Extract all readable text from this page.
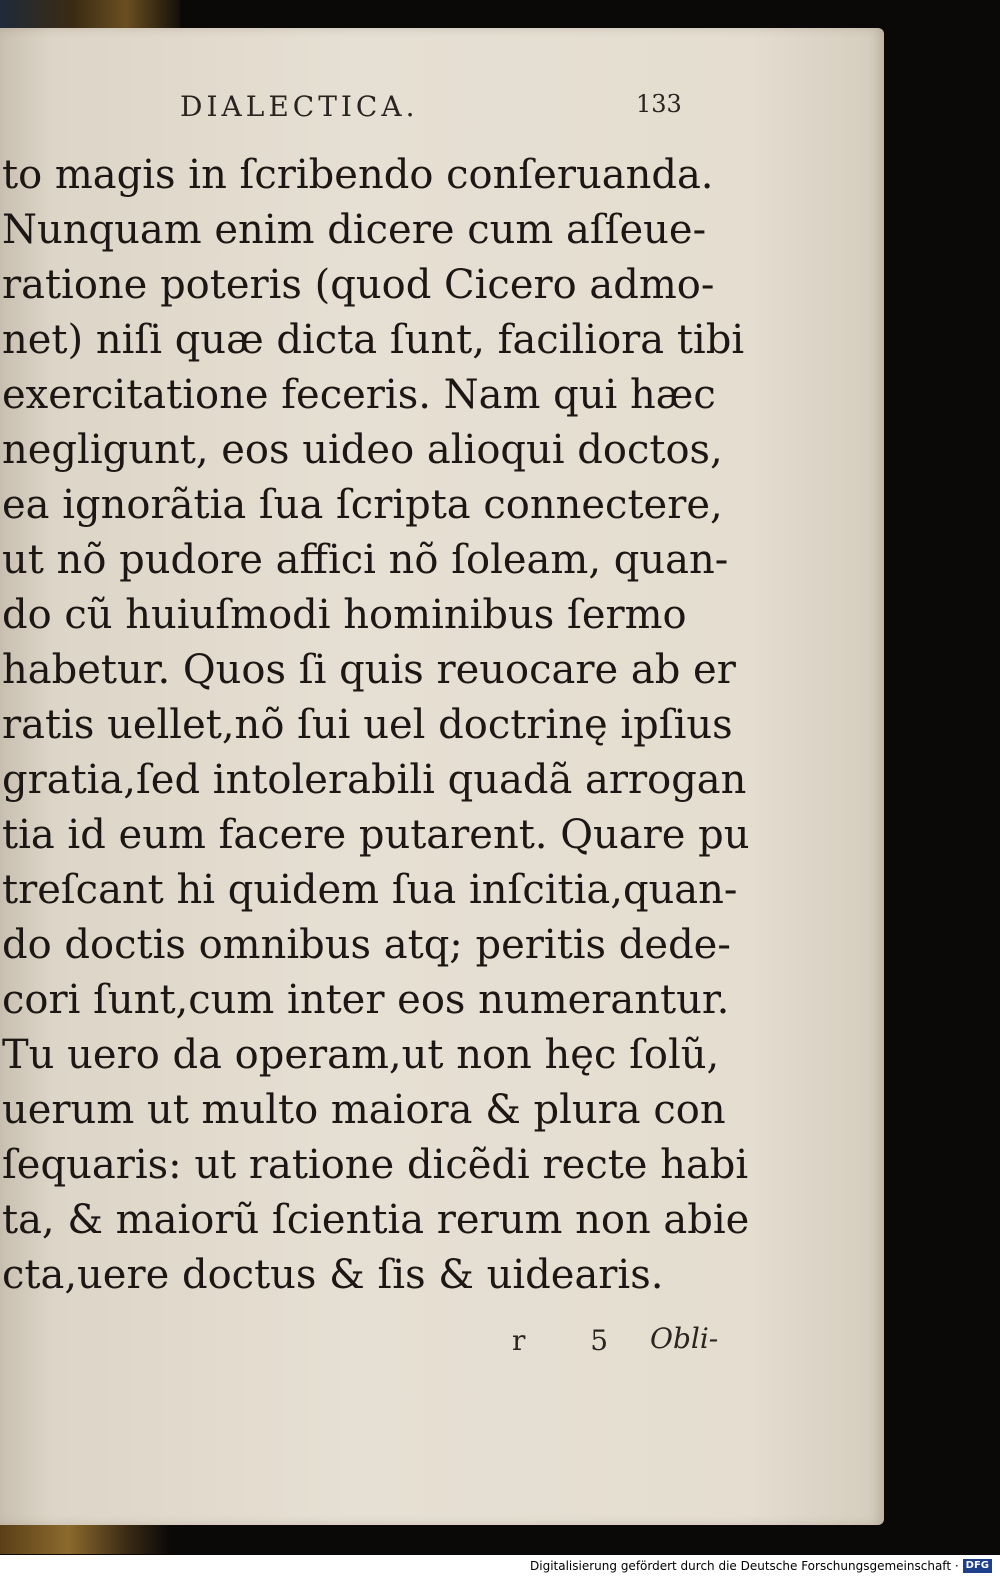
DIALECTICA.	133
to magis in ſcribendo conſeruanda.
Nunquam enim dicere cum aſſeue-
ratione poteris (quod Cicero admo-
net) niſi quæ dicta ſunt, faciliora tibi
exercitatione feceris. Nam qui hæc
negligunt, eos uideo alioqui doctos,
ea ignorãtia ſua ſcripta connectere,
ut nõ pudore affici nõ ſoleam, quan-
do cũ huiuſmodi hominibus ſermo
habetur. Quos ſi quis reuocare ab er
ratis uellet,nõ ſui uel doctrinę ipſius
gratia,ſed intolerabili quadã arrogan
tia id eum facere putarent. Quare pu
treſcant hi quidem ſua inſcitia,quan-
do doctis omnibus atq; peritis dede-
cori ſunt,cum inter eos numerantur.
Tu uero da operam,ut non hęc ſolũ,
uerum ut multo maiora & plura con
ſequaris: ut ratione dicẽdi recte habi
ta, & maiorũ ſcientia rerum non abie
cta,uere doctus & ſis & uidearis.
r 5 Obli-
Digitalisierung gefördert durch die Deutsche Forschungsgemeinschaft · DFG
